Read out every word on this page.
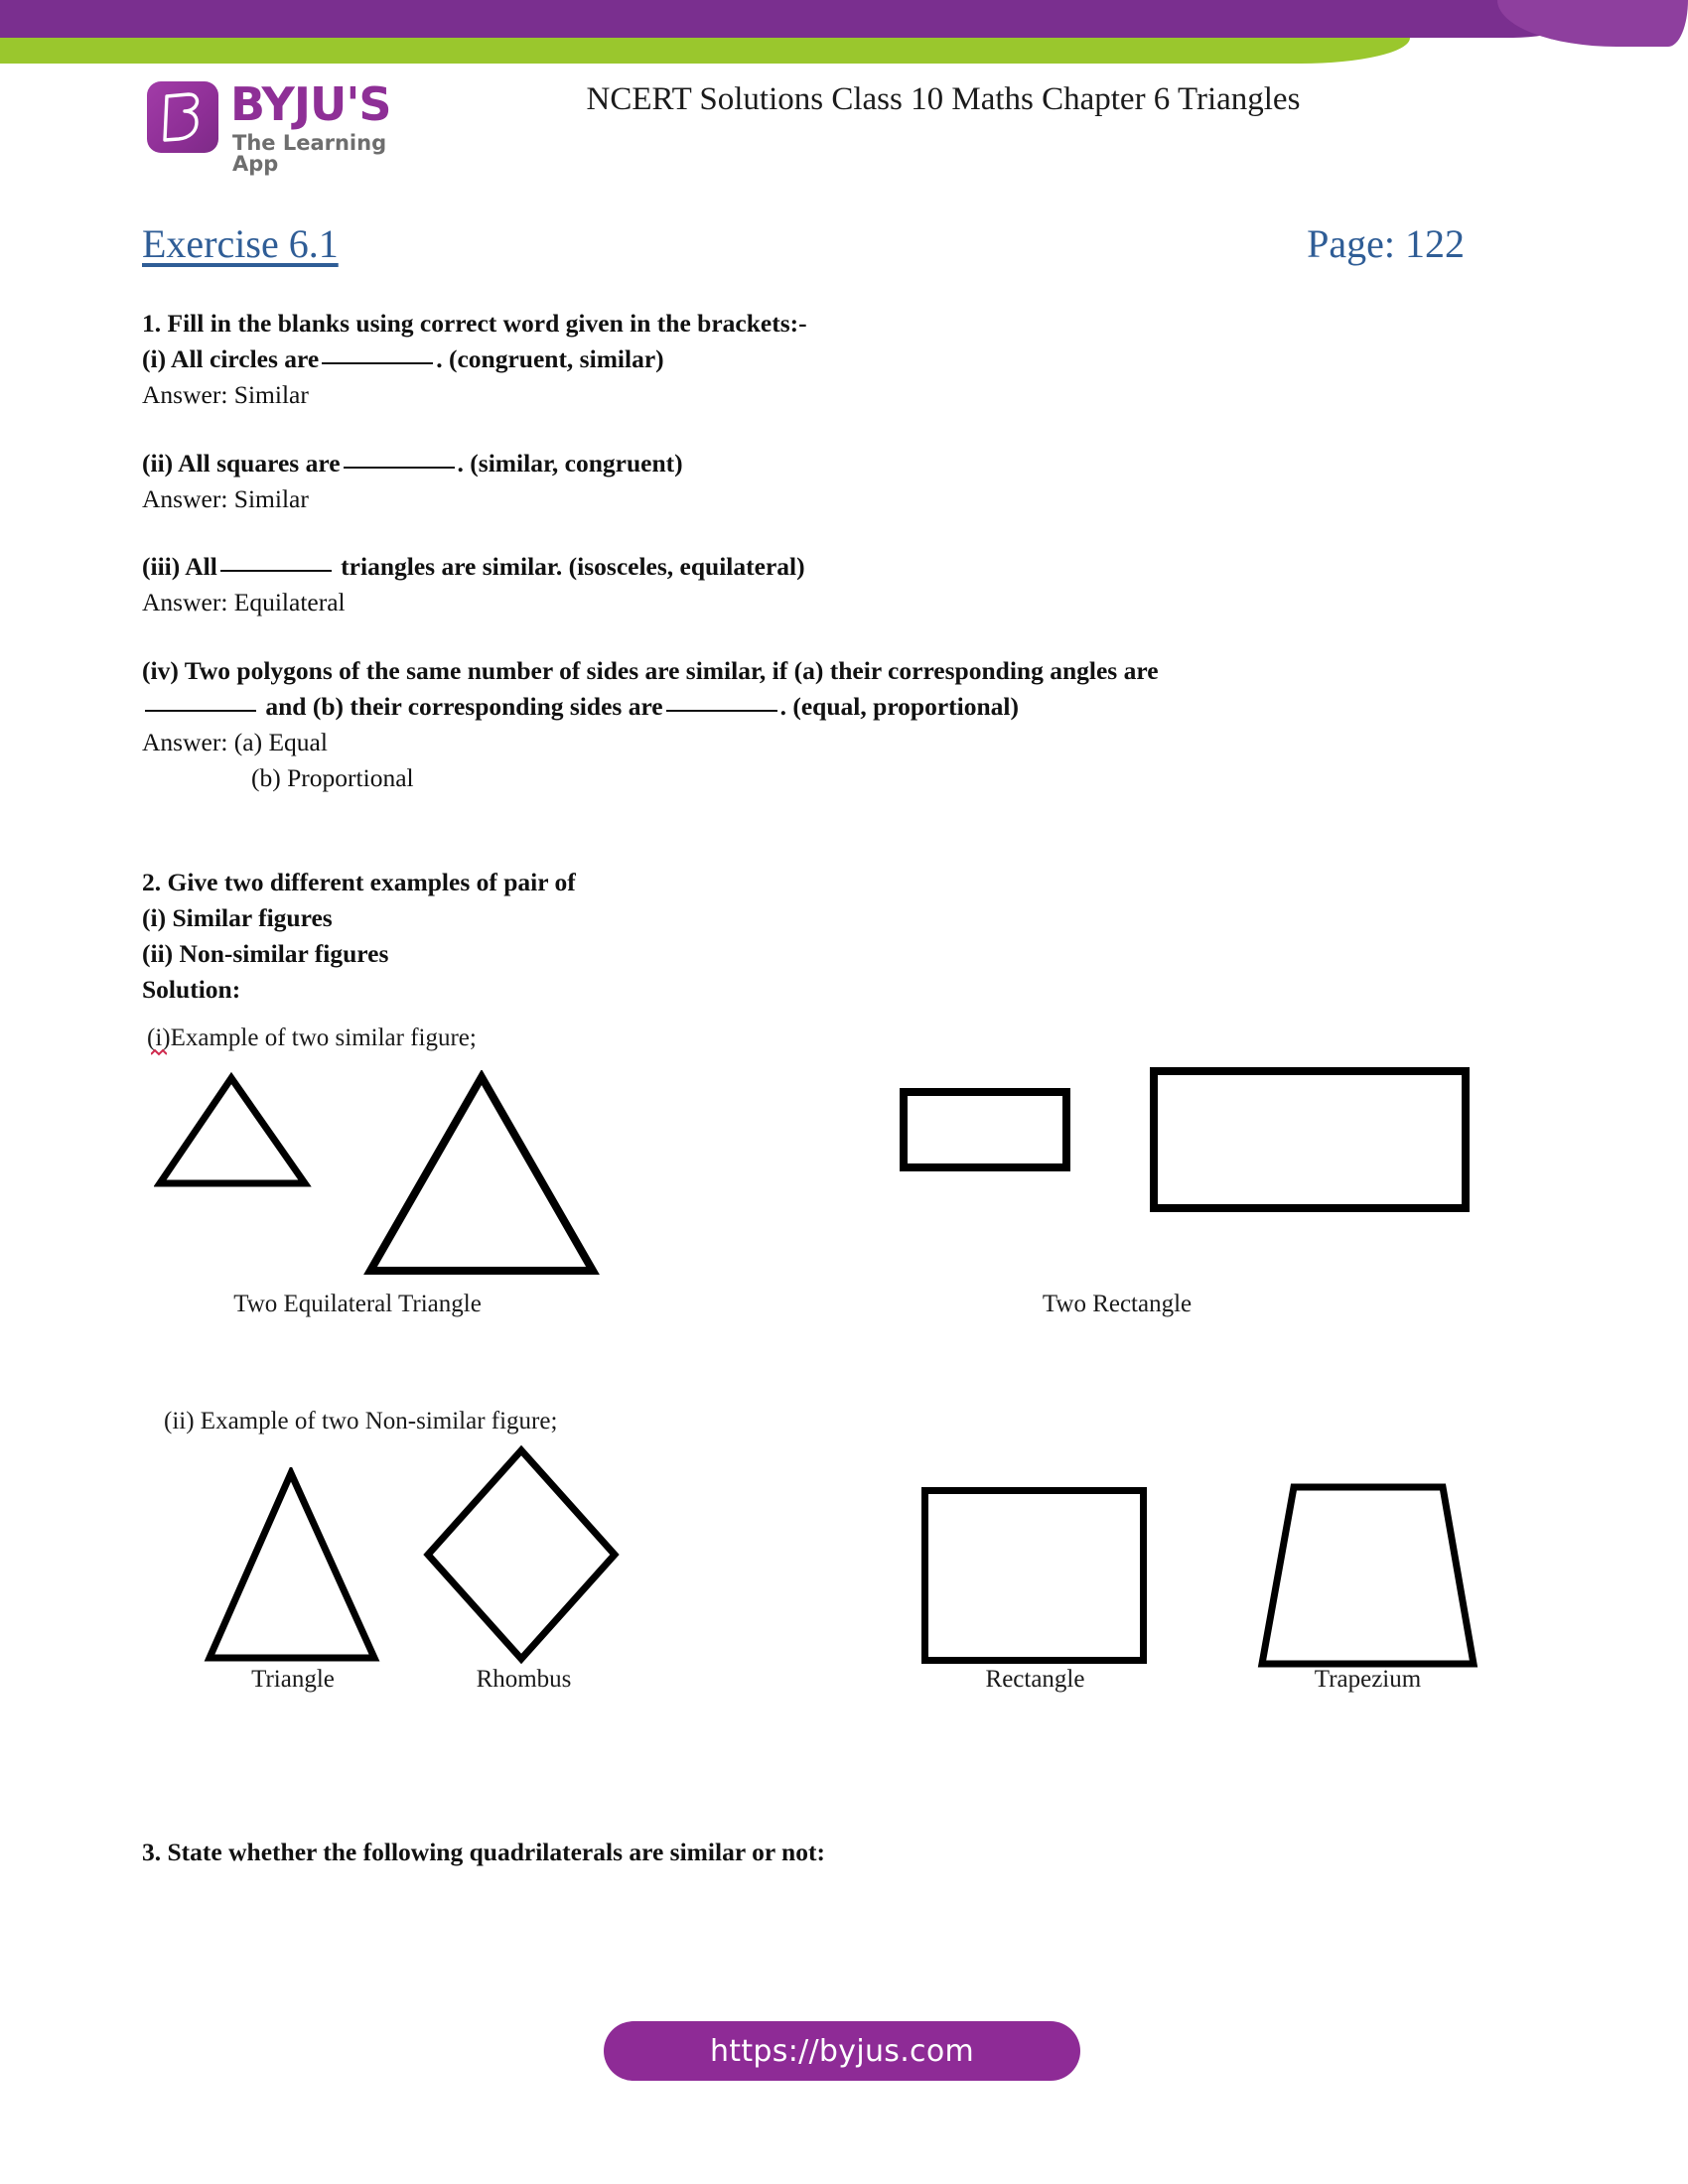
BYJU'S
The Learning App
NCERT Solutions Class 10 Maths Chapter 6 Triangles
Exercise 6.1	Page: 122
1. Fill in the blanks using correct word given in the brackets:-
(i) All circles are	. (congruent, similar)
Answer: Similar
(ii) All squares are	. (similar, congruent)
Answer: Similar
(iii) All	triangles are similar. (isosceles, equilateral)
Answer: Equilateral
(iv) Two polygons of the same number of sides are similar, if (a) their corresponding angles are
and (b) their corresponding sides are	. (equal, proportional)
Answer: (a) Equal
(b) Proportional
2. Give two different examples of pair of
(i) Similar figures
(ii) Non-similar figures
Solution:
(i)Example of two similar figure;
Two Equilateral Triangle	Two Rectangle
(ii) Example of two Non-similar figure;
Triangle	Rhombus	Rectangle	Trapezium
3. State whether the following quadrilaterals are similar or not:
https://byjus.com
